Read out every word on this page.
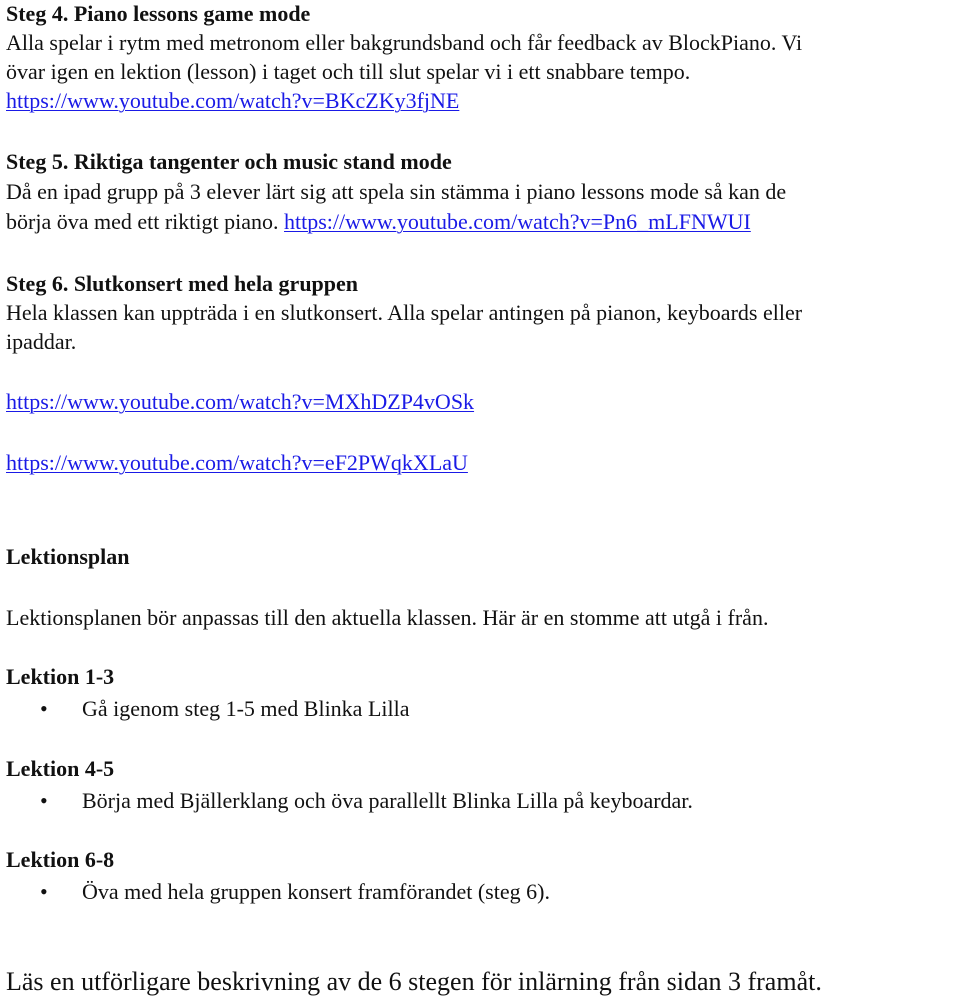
Steg 4. Piano lessons game mode
Alla spelar i rytm med metronom eller bakgrundsband och får feedback av BlockPiano. Vi
övar igen en lektion (lesson) i taget och till slut spelar vi i ett snabbare tempo.
https://www.youtube.com/watch?v=BKcZKy3fjNE
Steg 5. Riktiga tangenter och music stand mode
Då en ipad grupp på 3 elever lärt sig att spela sin stämma i piano lessons mode så kan de
börja öva med ett riktigt piano. https://www.youtube.com/watch?v=Pn6_mLFNWUI
Steg 6. Slutkonsert med hela gruppen
Hela klassen kan uppträda i en slutkonsert. Alla spelar antingen på pianon, keyboards eller
ipaddar.
https://www.youtube.com/watch?v=MXhDZP4vOSk
https://www.youtube.com/watch?v=eF2PWqkXLaU
Lektionsplan
Lektionsplanen bör anpassas till den aktuella klassen. Här är en stomme att utgå i från.
Lektion 1-3
• Gå igenom steg 1-5 med Blinka Lilla
Lektion 4-5
• Börja med Bjällerklang och öva parallellt Blinka Lilla på keyboardar.
Lektion 6-8
• Öva med hela gruppen konsert framförandet (steg 6).
Läs en utförligare beskrivning av de 6 stegen för inlärning från sidan 3 framåt.
